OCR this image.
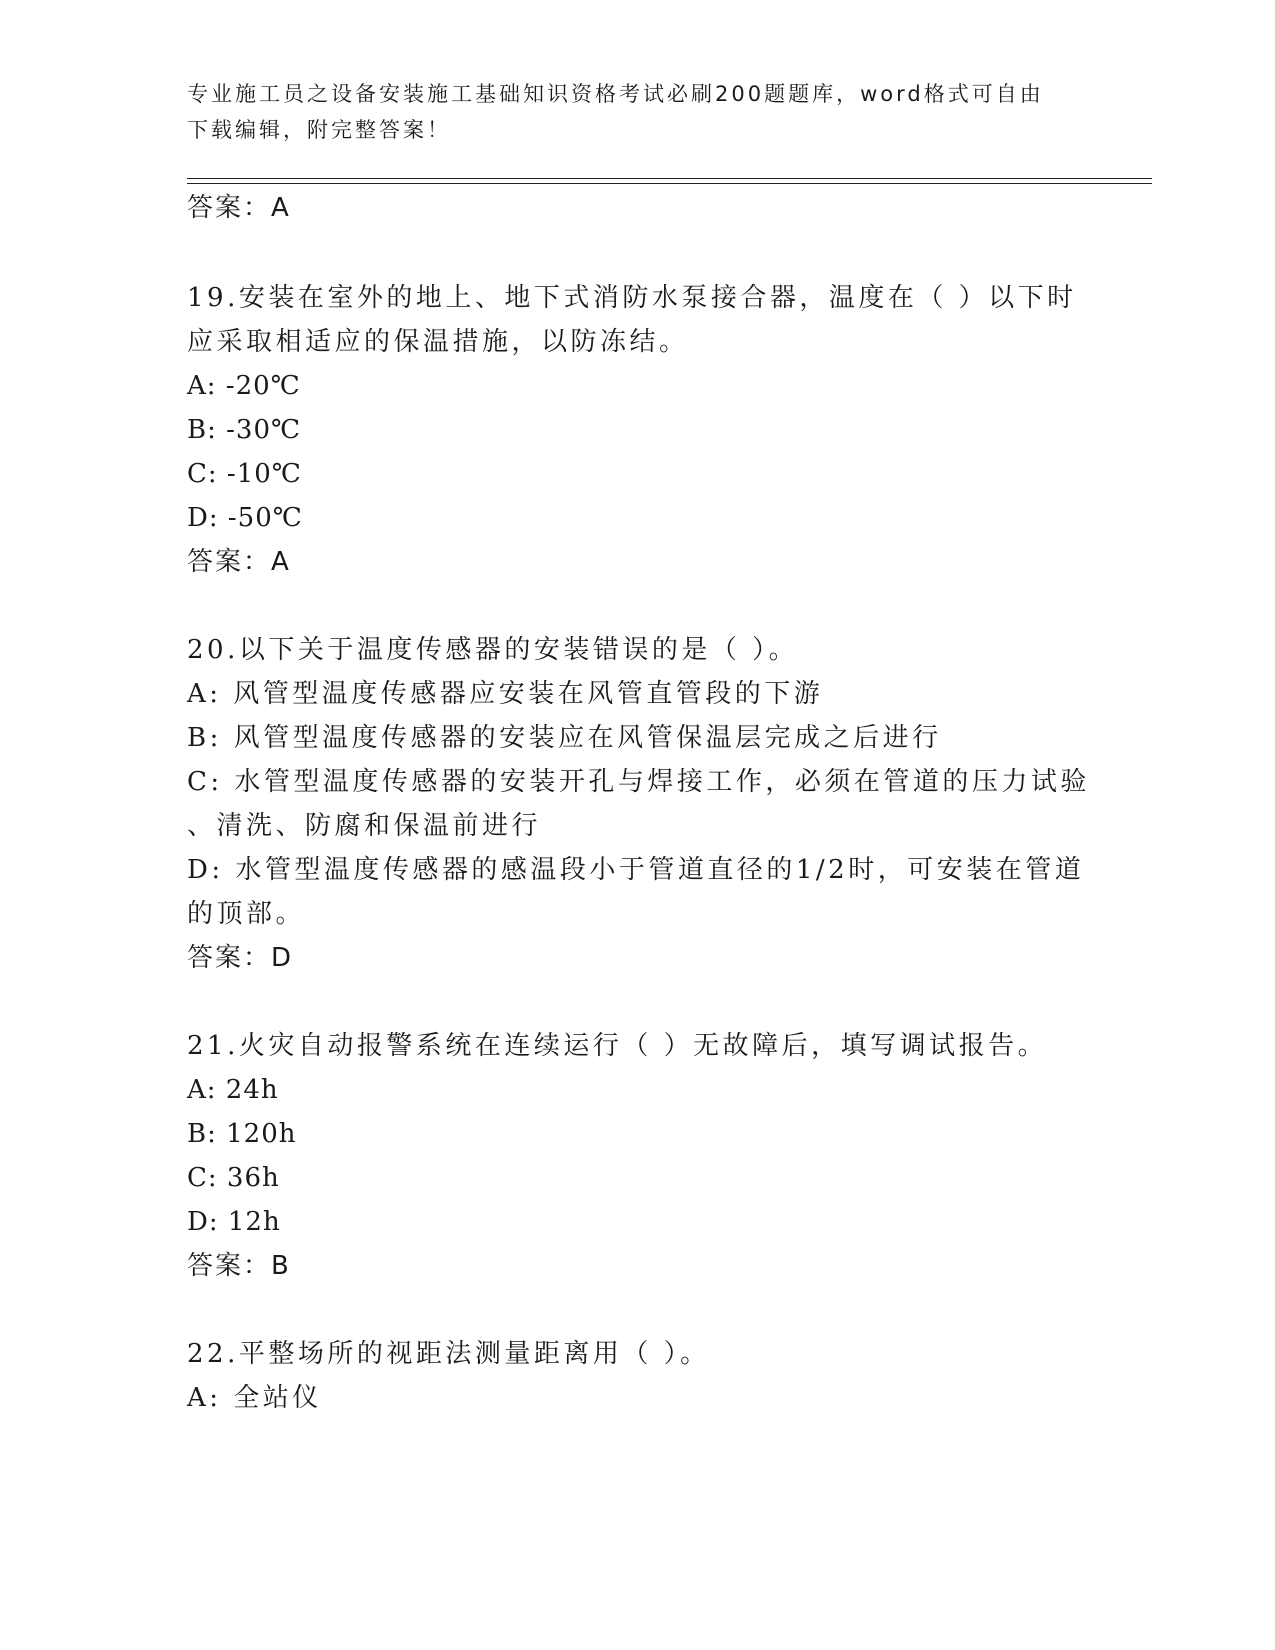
专业施工员之设备安装施工基础知识资格考试必刷200题题库，word格式可自由
下载编辑，附完整答案！
答案：A
19.安装在室外的地上、地下式消防水泵接合器，温度在（ ）以下时
应采取相适应的保温措施，以防冻结。
A: -20℃
B: -30℃
C: -10℃
D: -50℃
答案：A
20.以下关于温度传感器的安装错误的是（ ）。
A: 风管型温度传感器应安装在风管直管段的下游
B: 风管型温度传感器的安装应在风管保温层完成之后进行
C: 水管型温度传感器的安装开孔与焊接工作，必须在管道的压力试验
、清洗、防腐和保温前进行
D: 水管型温度传感器的感温段小于管道直径的1/2时，可安装在管道
的顶部。
答案：D
21.火灾自动报警系统在连续运行（ ）无故障后，填写调试报告。
A: 24h
B: 120h
C: 36h
D: 12h
答案：B
22.平整场所的视距法测量距离用（ ）。
A: 全站仪
